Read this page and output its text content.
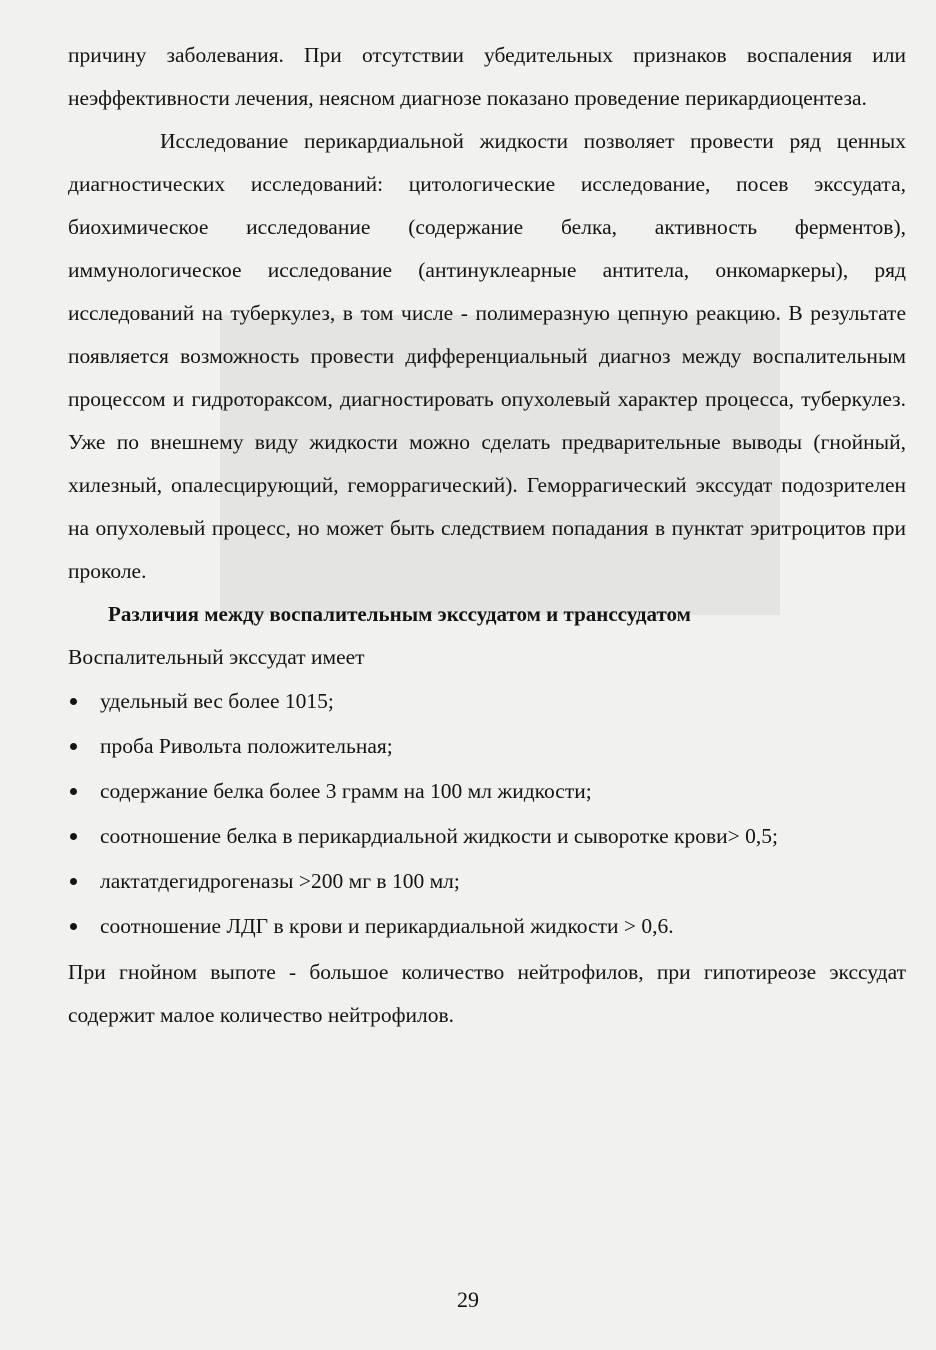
причину заболевания. При отсутствии убедительных признаков воспаления или неэффективности лечения, неясном диагнозе показано проведение перикардиоцентеза.

Исследование перикардиальной жидкости позволяет провести ряд ценных диагностических исследований: цитологические исследование, посев экссудата, биохимическое исследование (содержание белка, активность ферментов), иммунологическое исследование (антинуклеарные антитела, онкомаркеры), ряд исследований на туберкулез, в том числе - полимеразную цепную реакцию. В результате появляется возможность провести дифференциальный диагноз между воспалительным процессом и гидротораксом, диагностировать опухолевый характер процесса, туберкулез. Уже по внешнему виду жидкости можно сделать предварительные выводы (гнойный, хилезный, опалесцирующий, геморрагический). Геморрагический экссудат подозрителен на опухолевый процесс, но может быть следствием попадания в пунктат эритроцитов при проколе.

Различия между воспалительным экссудатом и транссудатом

Воспалительный экссудат имеет

удельный вес более 1015;
проба Ривольта положительная;
содержание белка более 3 грамм на 100 мл жидкости;
соотношение белка в перикардиальной жидкости и сыворотке крови> 0,5;
лактатдегидрогеназы >200 мг в 100 мл;
соотношение ЛДГ в крови и перикардиальной жидкости > 0,6.

При гнойном выпоте - большое количество нейтрофилов, при гипотиреозе экссудат содержит малое количество нейтрофилов.

29
